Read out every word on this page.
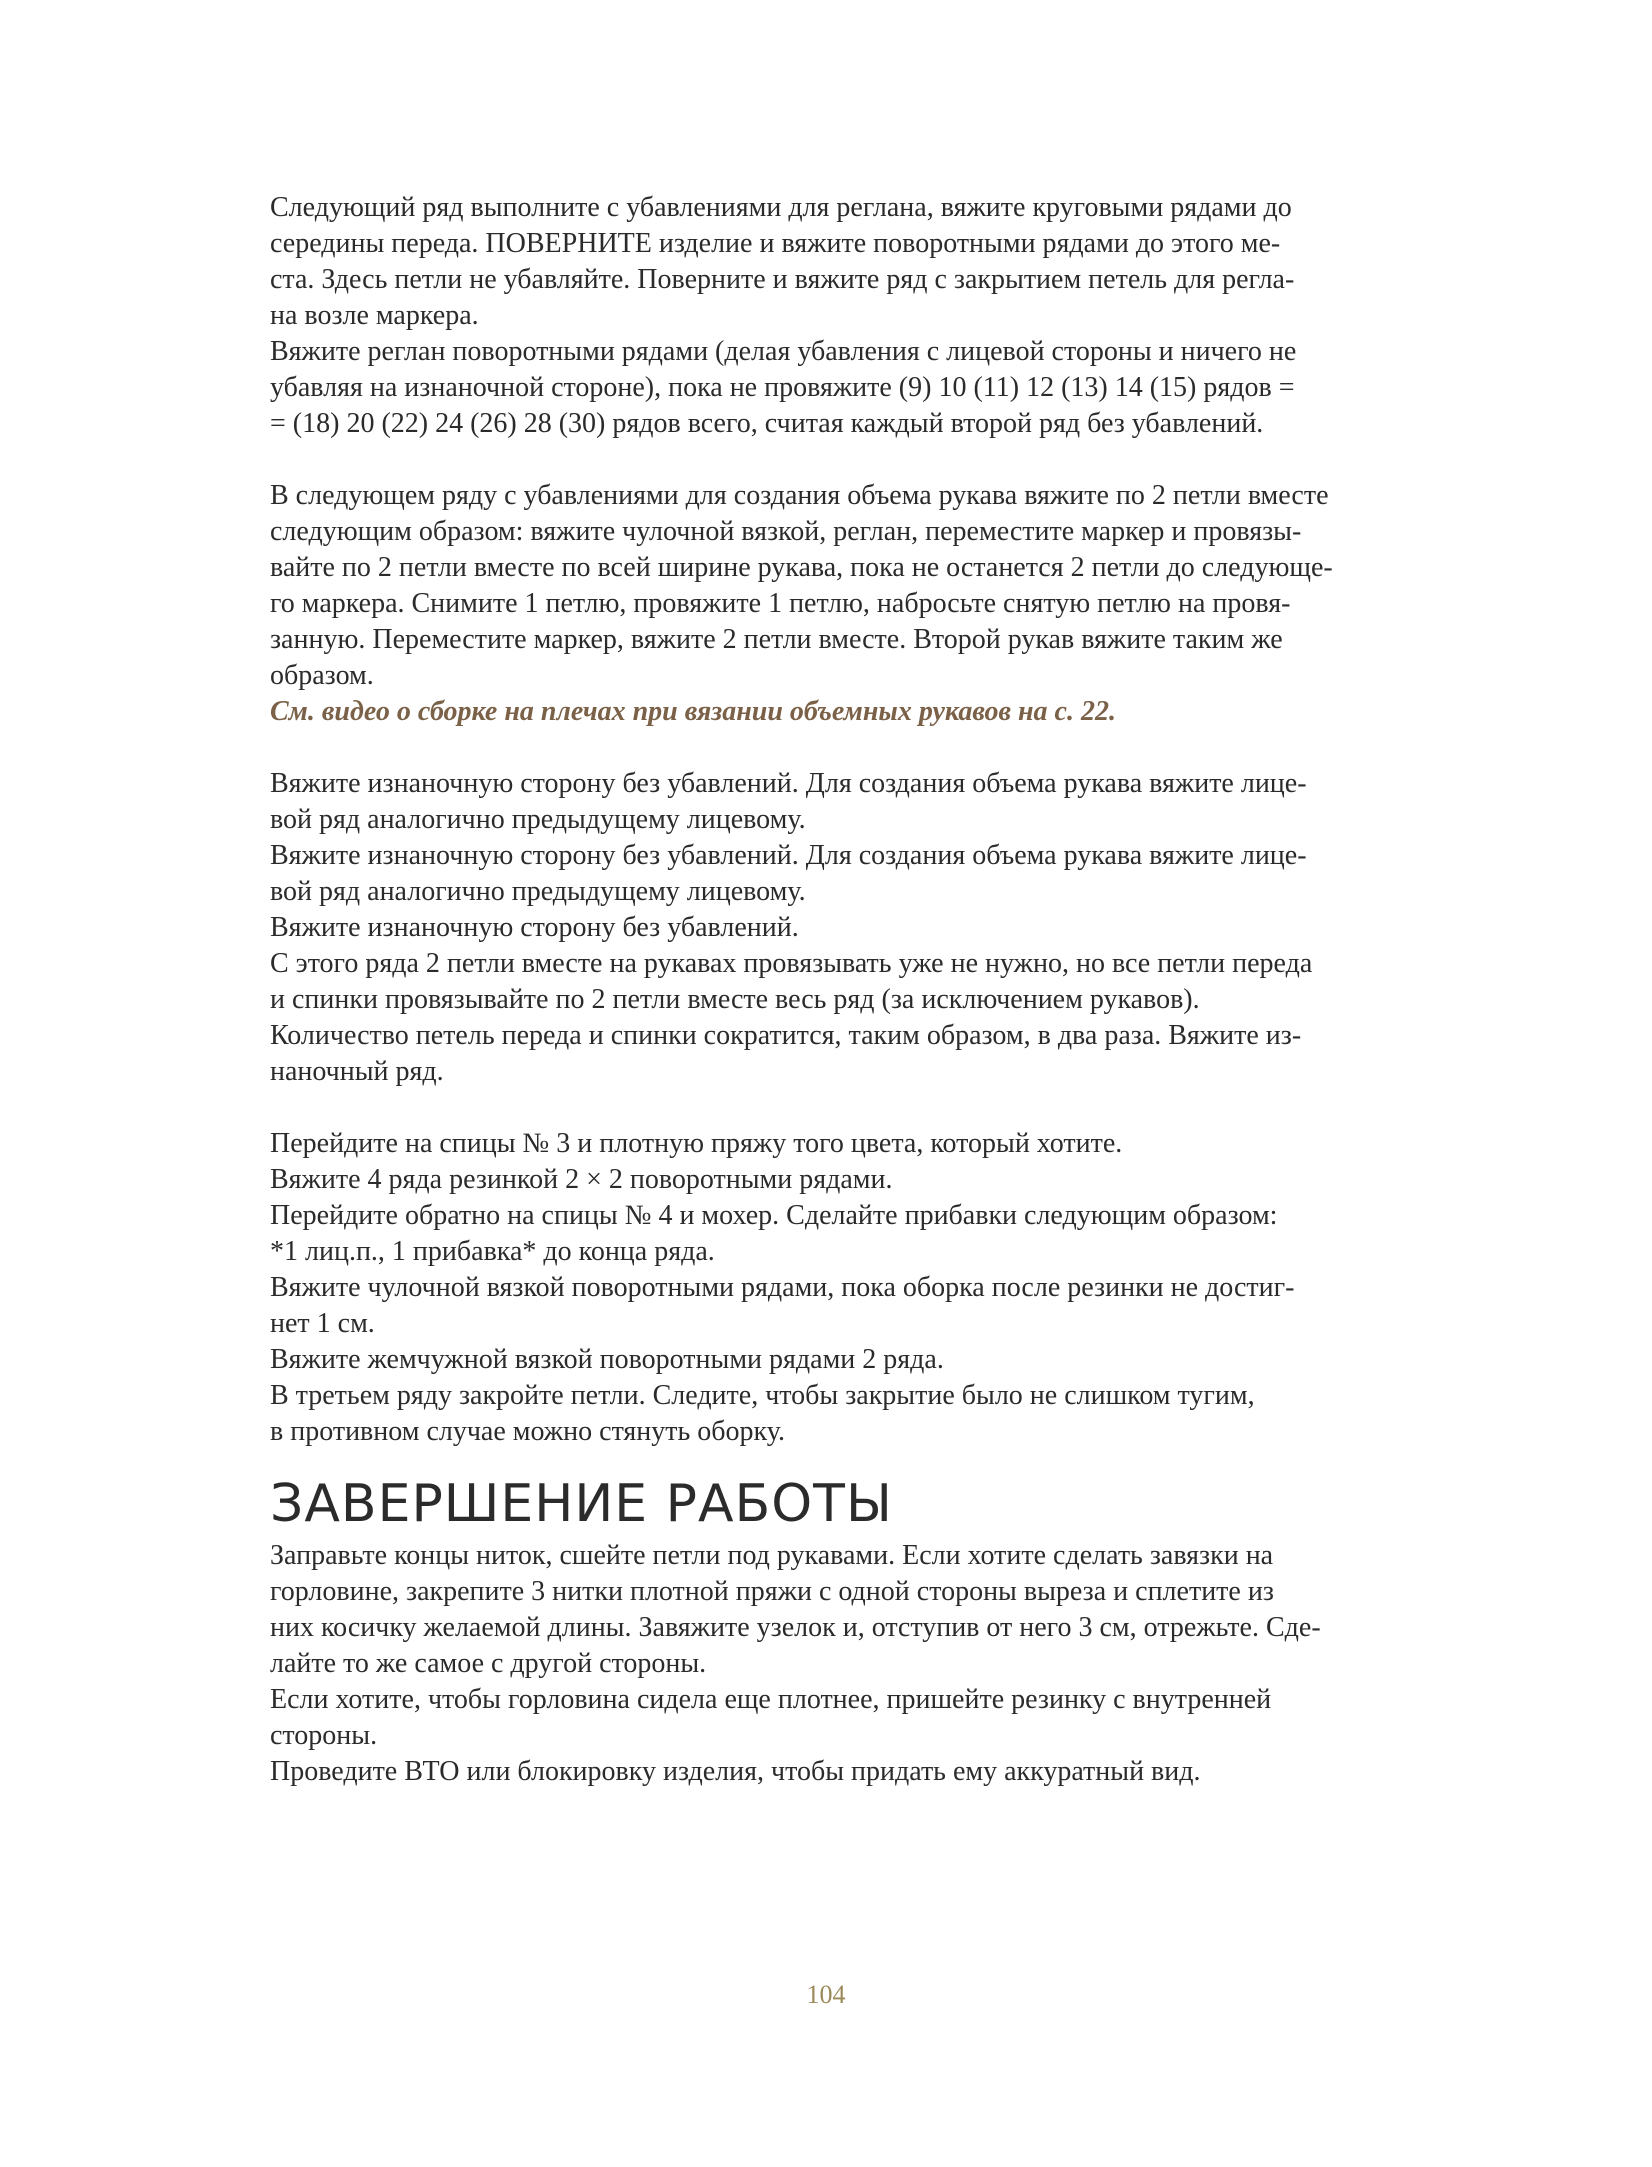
Следующий ряд выполните с убавлениями для реглана, вяжите круговыми рядами до
середины переда. ПОВЕРНИТЕ изделие и вяжите поворотными рядами до этого ме-
ста. Здесь петли не убавляйте. Поверните и вяжите ряд с закрытием петель для регла-
на возле маркера.
Вяжите реглан поворотными рядами (делая убавления с лицевой стороны и ничего не
убавляя на изнаночной стороне), пока не провяжите (9) 10 (11) 12 (13) 14 (15) рядов =
= (18) 20 (22) 24 (26) 28 (30) рядов всего, считая каждый второй ряд без убавлений.
В следующем ряду с убавлениями для создания объема рукава вяжите по 2 петли вместе
следующим образом: вяжите чулочной вязкой, реглан, переместите маркер и провязы-
вайте по 2 петли вместе по всей ширине рукава, пока не останется 2 петли до следующе-
го маркера. Снимите 1 петлю, провяжите 1 петлю, набросьте снятую петлю на провя-
занную. Переместите маркер, вяжите 2 петли вместе. Второй рукав вяжите таким же
образом.
См. видео о сборке на плечах при вязании объемных рукавов на с. 22.
Вяжите изнаночную сторону без убавлений. Для создания объема рукава вяжите лице-
вой ряд аналогично предыдущему лицевому.
Вяжите изнаночную сторону без убавлений. Для создания объема рукава вяжите лице-
вой ряд аналогично предыдущему лицевому.
Вяжите изнаночную сторону без убавлений.
С этого ряда 2 петли вместе на рукавах провязывать уже не нужно, но все петли переда
и спинки провязывайте по 2 петли вместе весь ряд (за исключением рукавов).
Количество петель переда и спинки сократится, таким образом, в два раза. Вяжите из-
наночный ряд.
Перейдите на спицы № 3 и плотную пряжу того цвета, который хотите.
Вяжите 4 ряда резинкой 2 × 2 поворотными рядами.
Перейдите обратно на спицы № 4 и мохер. Сделайте прибавки следующим образом:
*1 лиц.п., 1 прибавка* до конца ряда.
Вяжите чулочной вязкой поворотными рядами, пока оборка после резинки не достиг-
нет 1 см.
Вяжите жемчужной вязкой поворотными рядами 2 ряда.
В третьем ряду закройте петли. Следите, чтобы закрытие было не слишком тугим,
в противном случае можно стянуть оборку.
ЗАВЕРШЕНИЕ РАБОТЫ
Заправьте концы ниток, сшейте петли под рукавами. Если хотите сделать завязки на
горловине, закрепите 3 нитки плотной пряжи с одной стороны выреза и сплетите из
них косичку желаемой длины. Завяжите узелок и, отступив от него 3 см, отрежьте. Сде-
лайте то же самое с другой стороны.
Если хотите, чтобы горловина сидела еще плотнее, пришейте резинку с внутренней
стороны.
Проведите ВТО или блокировку изделия, чтобы придать ему аккуратный вид.
104
